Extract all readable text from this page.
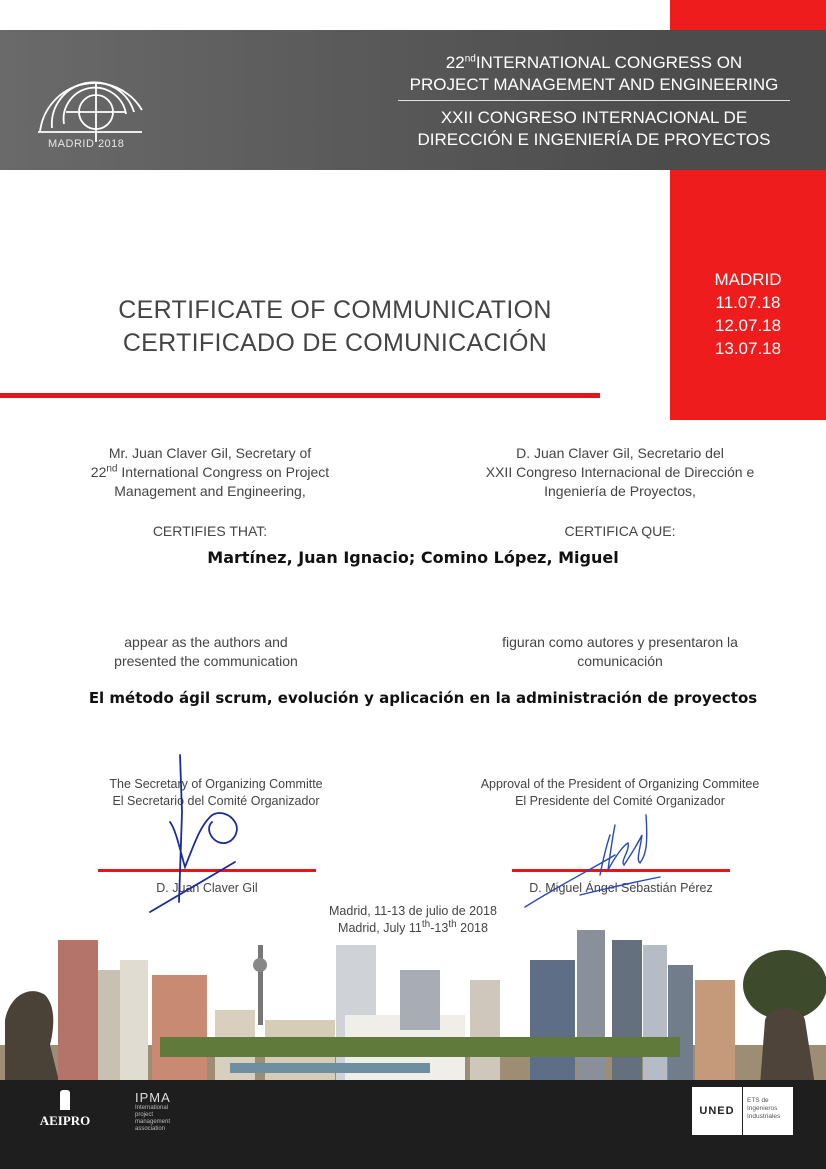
MADRID 2018
22ndINTERNATIONAL CONGRESS ON
PROJECT MANAGEMENT AND ENGINEERING
XXII CONGRESO INTERNACIONAL DE
DIRECCIÓN E INGENIERÍA DE PROYECTOS
MADRID
11.07.18
12.07.18
13.07.18
CERTIFICATE OF COMMUNICATION
CERTIFICADO DE COMUNICACIÓN
Mr. Juan Claver Gil, Secretary of
22nd International Congress on Project
Management and Engineering,
CERTIFIES THAT:
D. Juan Claver Gil, Secretario del
XXII Congreso Internacional de Dirección e
Ingeniería de Proyectos,
CERTIFICA QUE:
Martínez, Juan Ignacio; Comino López, Miguel
appear as the authors and
presented the communication
figuran como autores y presentaron la
comunicación
El método ágil scrum, evolución y aplicación en la administración de proyectos
The Secretary of Organizing Committe
El Secretario del Comité Organizador
D. Juan Claver Gil
Approval of the President of Organizing Commitee
El Presidente del Comité Organizador
D. Miguel Ángel Sebastián Pérez
Madrid, 11-13 de julio de 2018
Madrid, July 11th-13th 2018
AEIPRO
IPMA
International
project
management
association
UNED
ETS de
Ingenieros
Industriales
